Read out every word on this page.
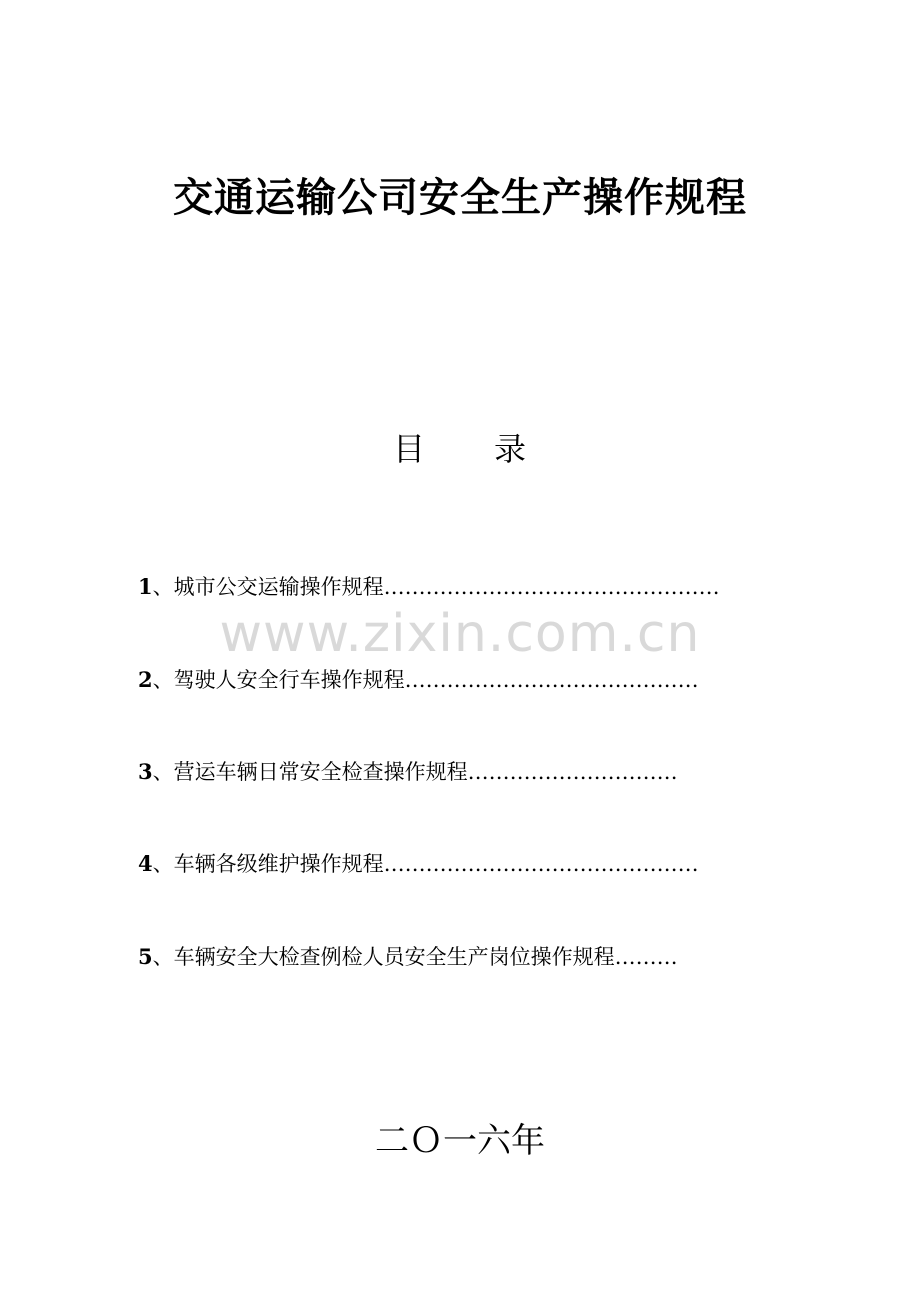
交通运输公司安全生产操作规程
目 录
www.zixin.com.cn
1、城市公交运输操作规程…………………………………………
2、驾驶人安全行车操作规程……………………………………
3、营运车辆日常安全检查操作规程…………………………
4、车辆各级维护操作规程………………………………………
5、车辆安全大检查例检人员安全生产岗位操作规程………
二Ｏ一六年
